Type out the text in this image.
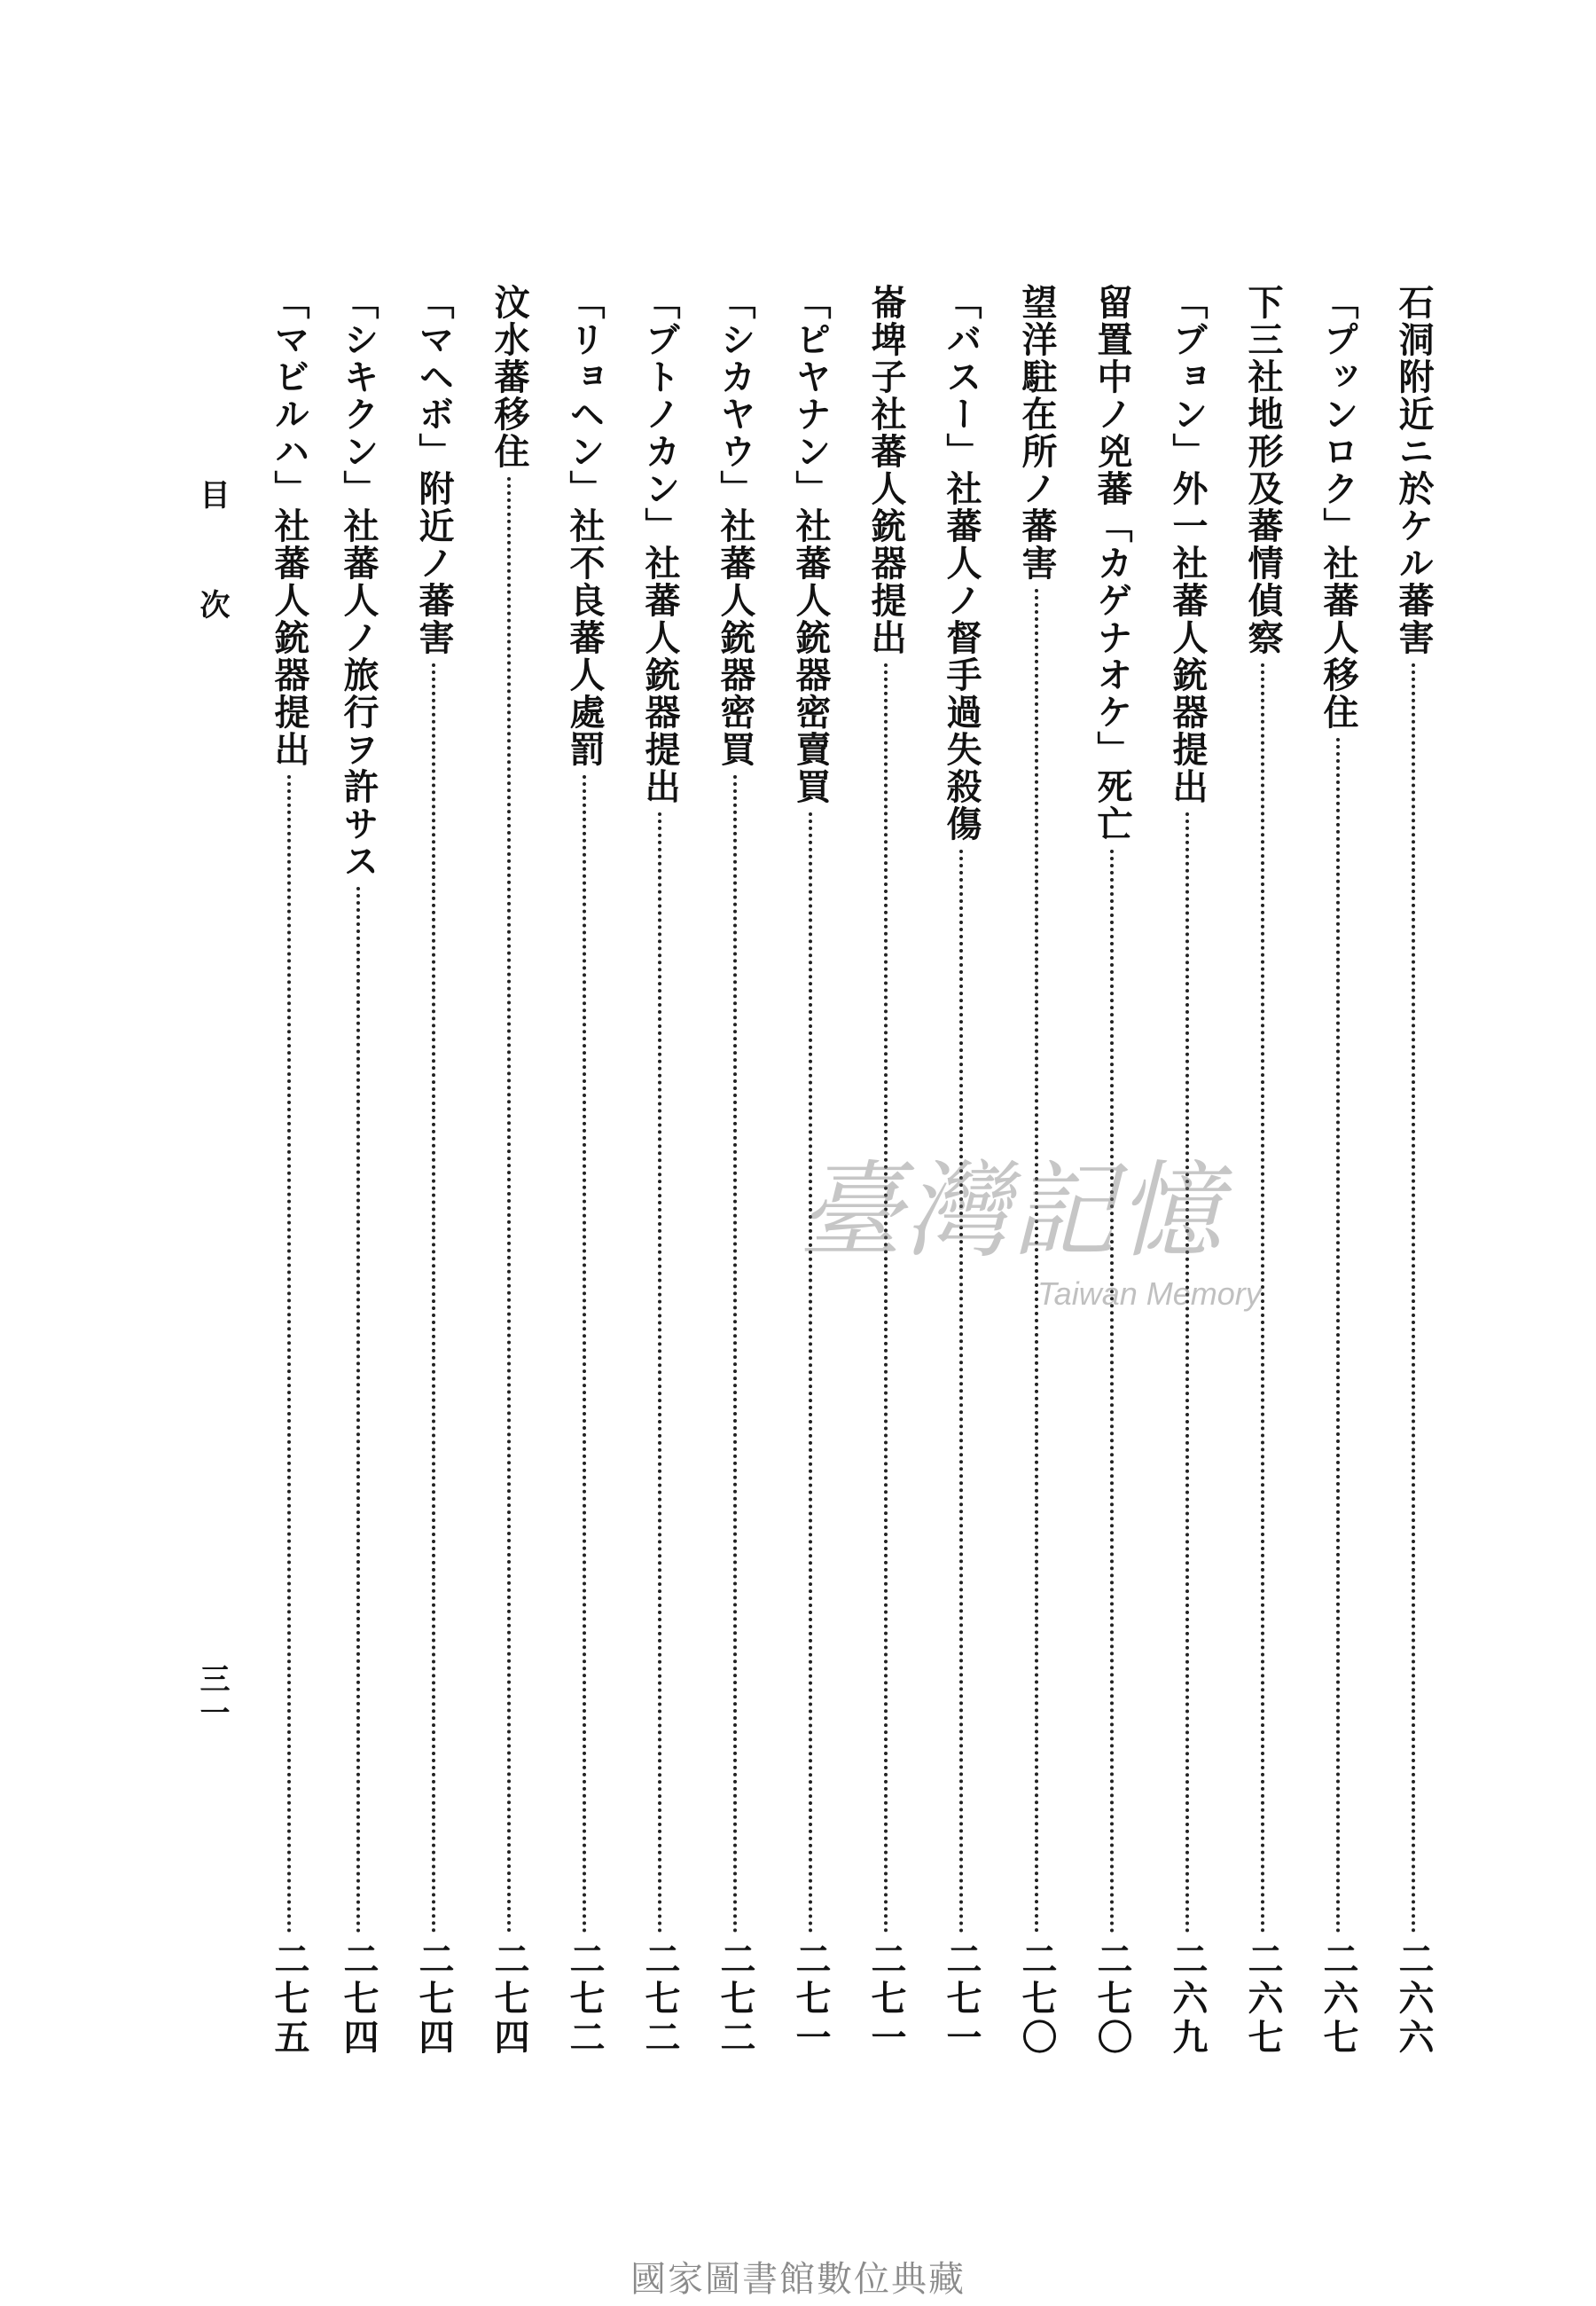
石洞附近ニ於ケル蕃害
二六六
「プッンロク」社蕃人移住
二六七
下三社地形及蕃情偵察
二六七
「ブョン」外一社蕃人銃器提出
二六九
留置中ノ兇蕃「カゲナオケ」死亡
二七〇
望洋駐在所ノ蕃害
二七〇
「バスー」社蕃人ノ督手過失殺傷
二七一
崙埤子社蕃人銃器提出
二七一
「ピヤナン」社蕃人銃器密賣買
二七一
「シカヤウ」社蕃人銃器密買
二七二
「ブトノカン」社蕃人銃器提出
二七二
「リョヘン」社不良蕃人處罰
二七二
汶水蕃移住
二七四
「マヘボ」附近ノ蕃害
二七四
「シキクン」社蕃人ノ旅行ヲ許サス
二七四
「マビルハ」社蕃人銃器提出
二七五
目次
三一
臺灣記憶
Taiwan Memory
國家圖書館數位典藏
